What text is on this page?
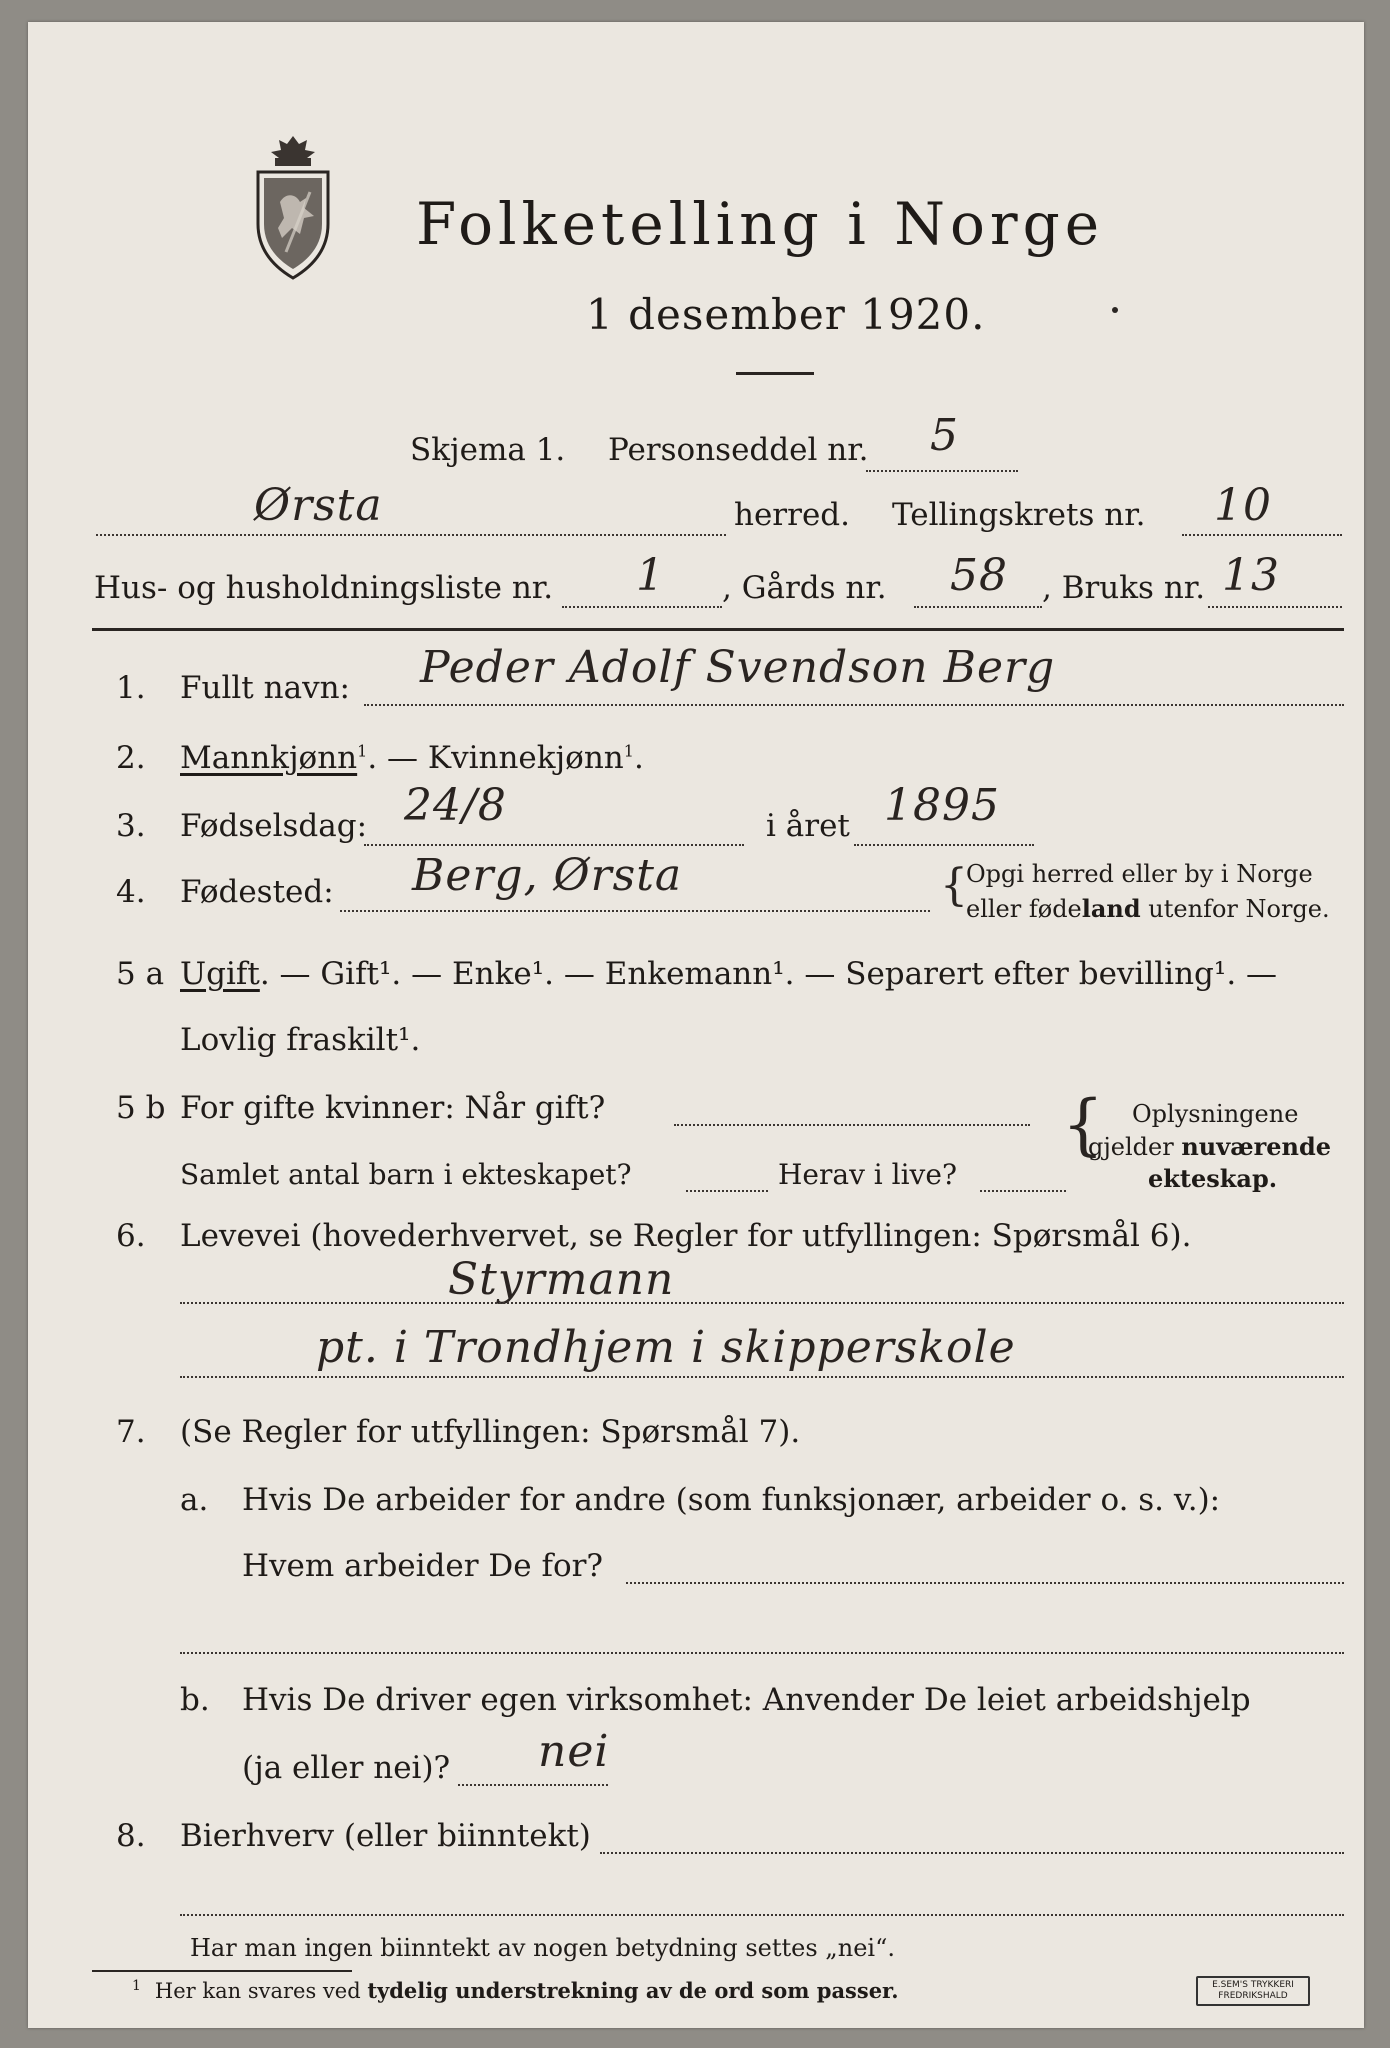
Folketelling i Norge
1 desember 1920.
Skjema 1. Personseddel nr. 5
Ørsta	herred. Tellingskrets nr. 10
Hus- og husholdningsliste nr. 1 , Gårds nr. 58 , Bruks nr. 13
1. Fullt navn: Peder Adolf Svendson Berg
2. Mannkjønn$^1$. — Kvinnekjønn$^1$.
3. Fødselsdag: 24/8	i året 1895
4. Fødested: Berg, Ørsta	{
Opgi herred eller by i Norge
eller fødeland utenfor Norge.
5 a Ugift. — Gift¹. — Enke¹. — Enkemann¹. — Separert efter bevilling¹. —
Lovlig fraskilt¹.
5 b For gifte kvinner: Når gift?
Samlet antal barn i ekteskapet?	Herav i live?
{ Oplysningene
gjelder nuværende
ekteskap.
6. Levevei (hovederhvervet, se Regler for utfyllingen: Spørsmål 6).
Styrmann
pt. i Trondhjem i skipperskole
7. (Se Regler for utfyllingen: Spørsmål 7).
a. Hvis De arbeider for andre (som funksjonær, arbeider o. s. v.):
Hvem arbeider De for?
b. Hvis De driver egen virksomhet: Anvender De leiet arbeidshjelp
(ja eller nei)? nei
8. Bierhverv (eller biinntekt)
Har man ingen biinntekt av nogen betydning settes „nei“.
$^1$ Her kan svares ved tydelig understrekning av de ord som passer.	E.SEM'S TRYKKERI
FREDRIKSHALD
